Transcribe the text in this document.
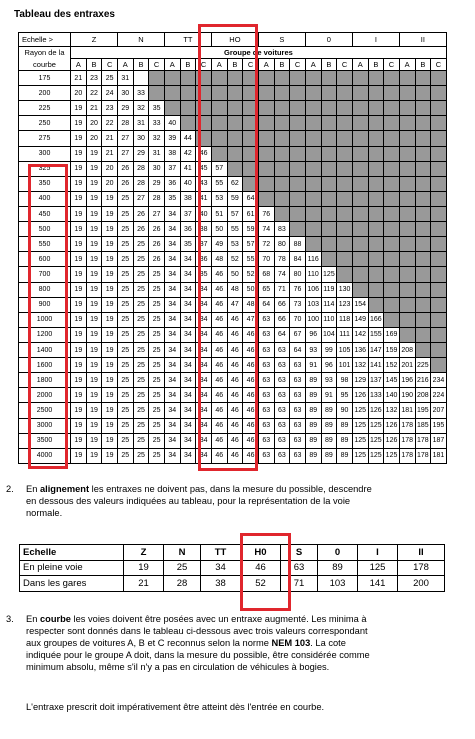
Tableau des entraxes
Echelle >	Z			N			TT			HO			S			0			I			II		
Rayon de la	Groupe de voitures																							
courbe	A	B	C	A	B	C	A	B	C	A	B	C	A	B	C	A	B	C	A	B	C	A	B	C
175	21	23	25	31																				
200	20	22	24	30	33																			
225	19	21	23	29	32	35																		
250	19	20	22	28	31	33	40																	
275	19	20	21	27	30	32	39	44																
300	19	19	21	27	29	31	38	42	46															
325	19	19	20	26	28	30	37	41	45	57														
350	19	19	20	26	28	29	36	40	43	55	62													
400	19	19	19	25	27	28	35	38	41	53	59	64												
450	19	19	19	25	26	27	34	37	40	51	57	61	76											
500	19	19	19	25	26	26	34	36	38	50	55	59	74	83										
550	19	19	19	25	25	26	34	35	37	49	53	57	72	80	88									
600	19	19	19	25	25	26	34	34	36	48	52	55	70	78	84	116								
700	19	19	19	25	25	25	34	34	35	46	50	52	68	74	80	110	125							
800	19	19	19	25	25	25	34	34	34	46	48	50	65	71	76	106	119	130						
900	19	19	19	25	25	25	34	34	34	46	47	48	64	66	73	103	114	123	154					
1000	19	19	19	25	25	25	34	34	34	46	46	47	63	66	70	100	110	118	149	166				
1200	19	19	19	25	25	25	34	34	34	46	46	46	63	64	67	96	104	111	142	155	169			
1400	19	19	19	25	25	25	34	34	34	46	46	46	63	63	64	93	99	105	136	147	159	208		
1600	19	19	19	25	25	25	34	34	34	46	46	46	63	63	63	91	96	101	132	141	152	201	225	
1800	19	19	19	25	25	25	34	34	34	46	46	46	63	63	63	89	93	98	129	137	145	196	216	234
2000	19	19	19	25	25	25	34	34	34	46	46	46	63	63	63	89	91	95	126	133	140	190	208	224
2500	19	19	19	25	25	25	34	34	34	46	46	46	63	63	63	89	89	90	125	126	132	181	195	207
3000	19	19	19	25	25	25	34	34	34	46	46	46	63	63	63	89	89	89	125	125	126	178	185	195
3500	19	19	19	25	25	25	34	34	34	46	46	46	63	63	63	89	89	89	125	125	126	178	178	187
4000	19	19	19	25	25	25	34	34	34	46	46	46	63	63	63	89	89	89	125	125	125	178	178	181
2. En alignement les entraxes ne doivent pas, dans la mesure du possible, descendre
en dessous des valeurs indiquées au tableau, pour la représentation de la voie
normale.
Echelle	Z	N	TT	H0	S	0	I	II
En pleine voie	19	25	34	46	63	89	125	178
Dans les gares	21	28	38	52	71	103	141	200
3. En courbe les voies doivent être posées avec un entraxe augmenté. Les minima à
respecter sont donnés dans le tableau ci-dessous avec trois valeurs correspondant
aux groupes de voitures A, B et C reconnus selon la norme NEM 103. La cote
indiquée pour le groupe A doit, dans la mesure du possible, être considérée comme
minimum absolu, même s'il n'y a pas en circulation de véhicules à bogies.
L'entraxe prescrit doit impérativement être atteint dès l'entrée en courbe.
